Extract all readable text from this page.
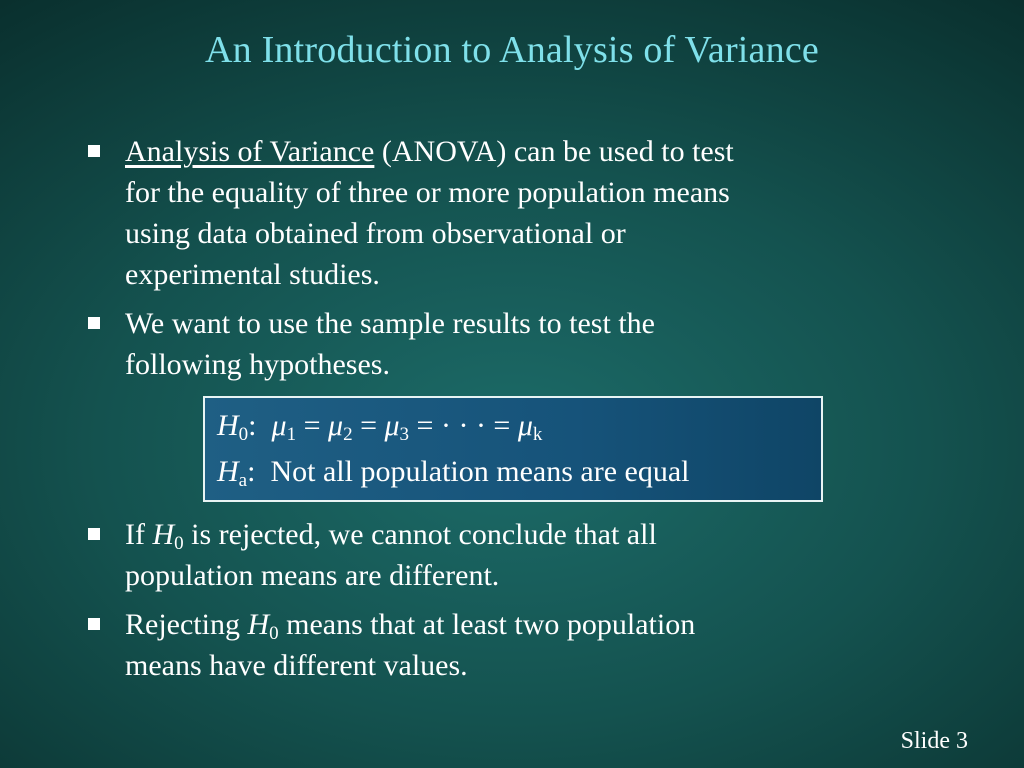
An Introduction to Analysis of Variance
Analysis of Variance (ANOVA) can be used to test
for the equality of three or more population means
using data obtained from observational or
experimental studies.
We want to use the sample results to test the
following hypotheses.
$H_0$:  $\mu_1 = \mu_2 = \mu_3$ = · · · = $\mu_k$
$H_a$:  Not all population means are equal
If $H_0$ is rejected, we cannot conclude that all
population means are different.
Rejecting $H_0$ means that at least two population
means have different values.
Slide 3
